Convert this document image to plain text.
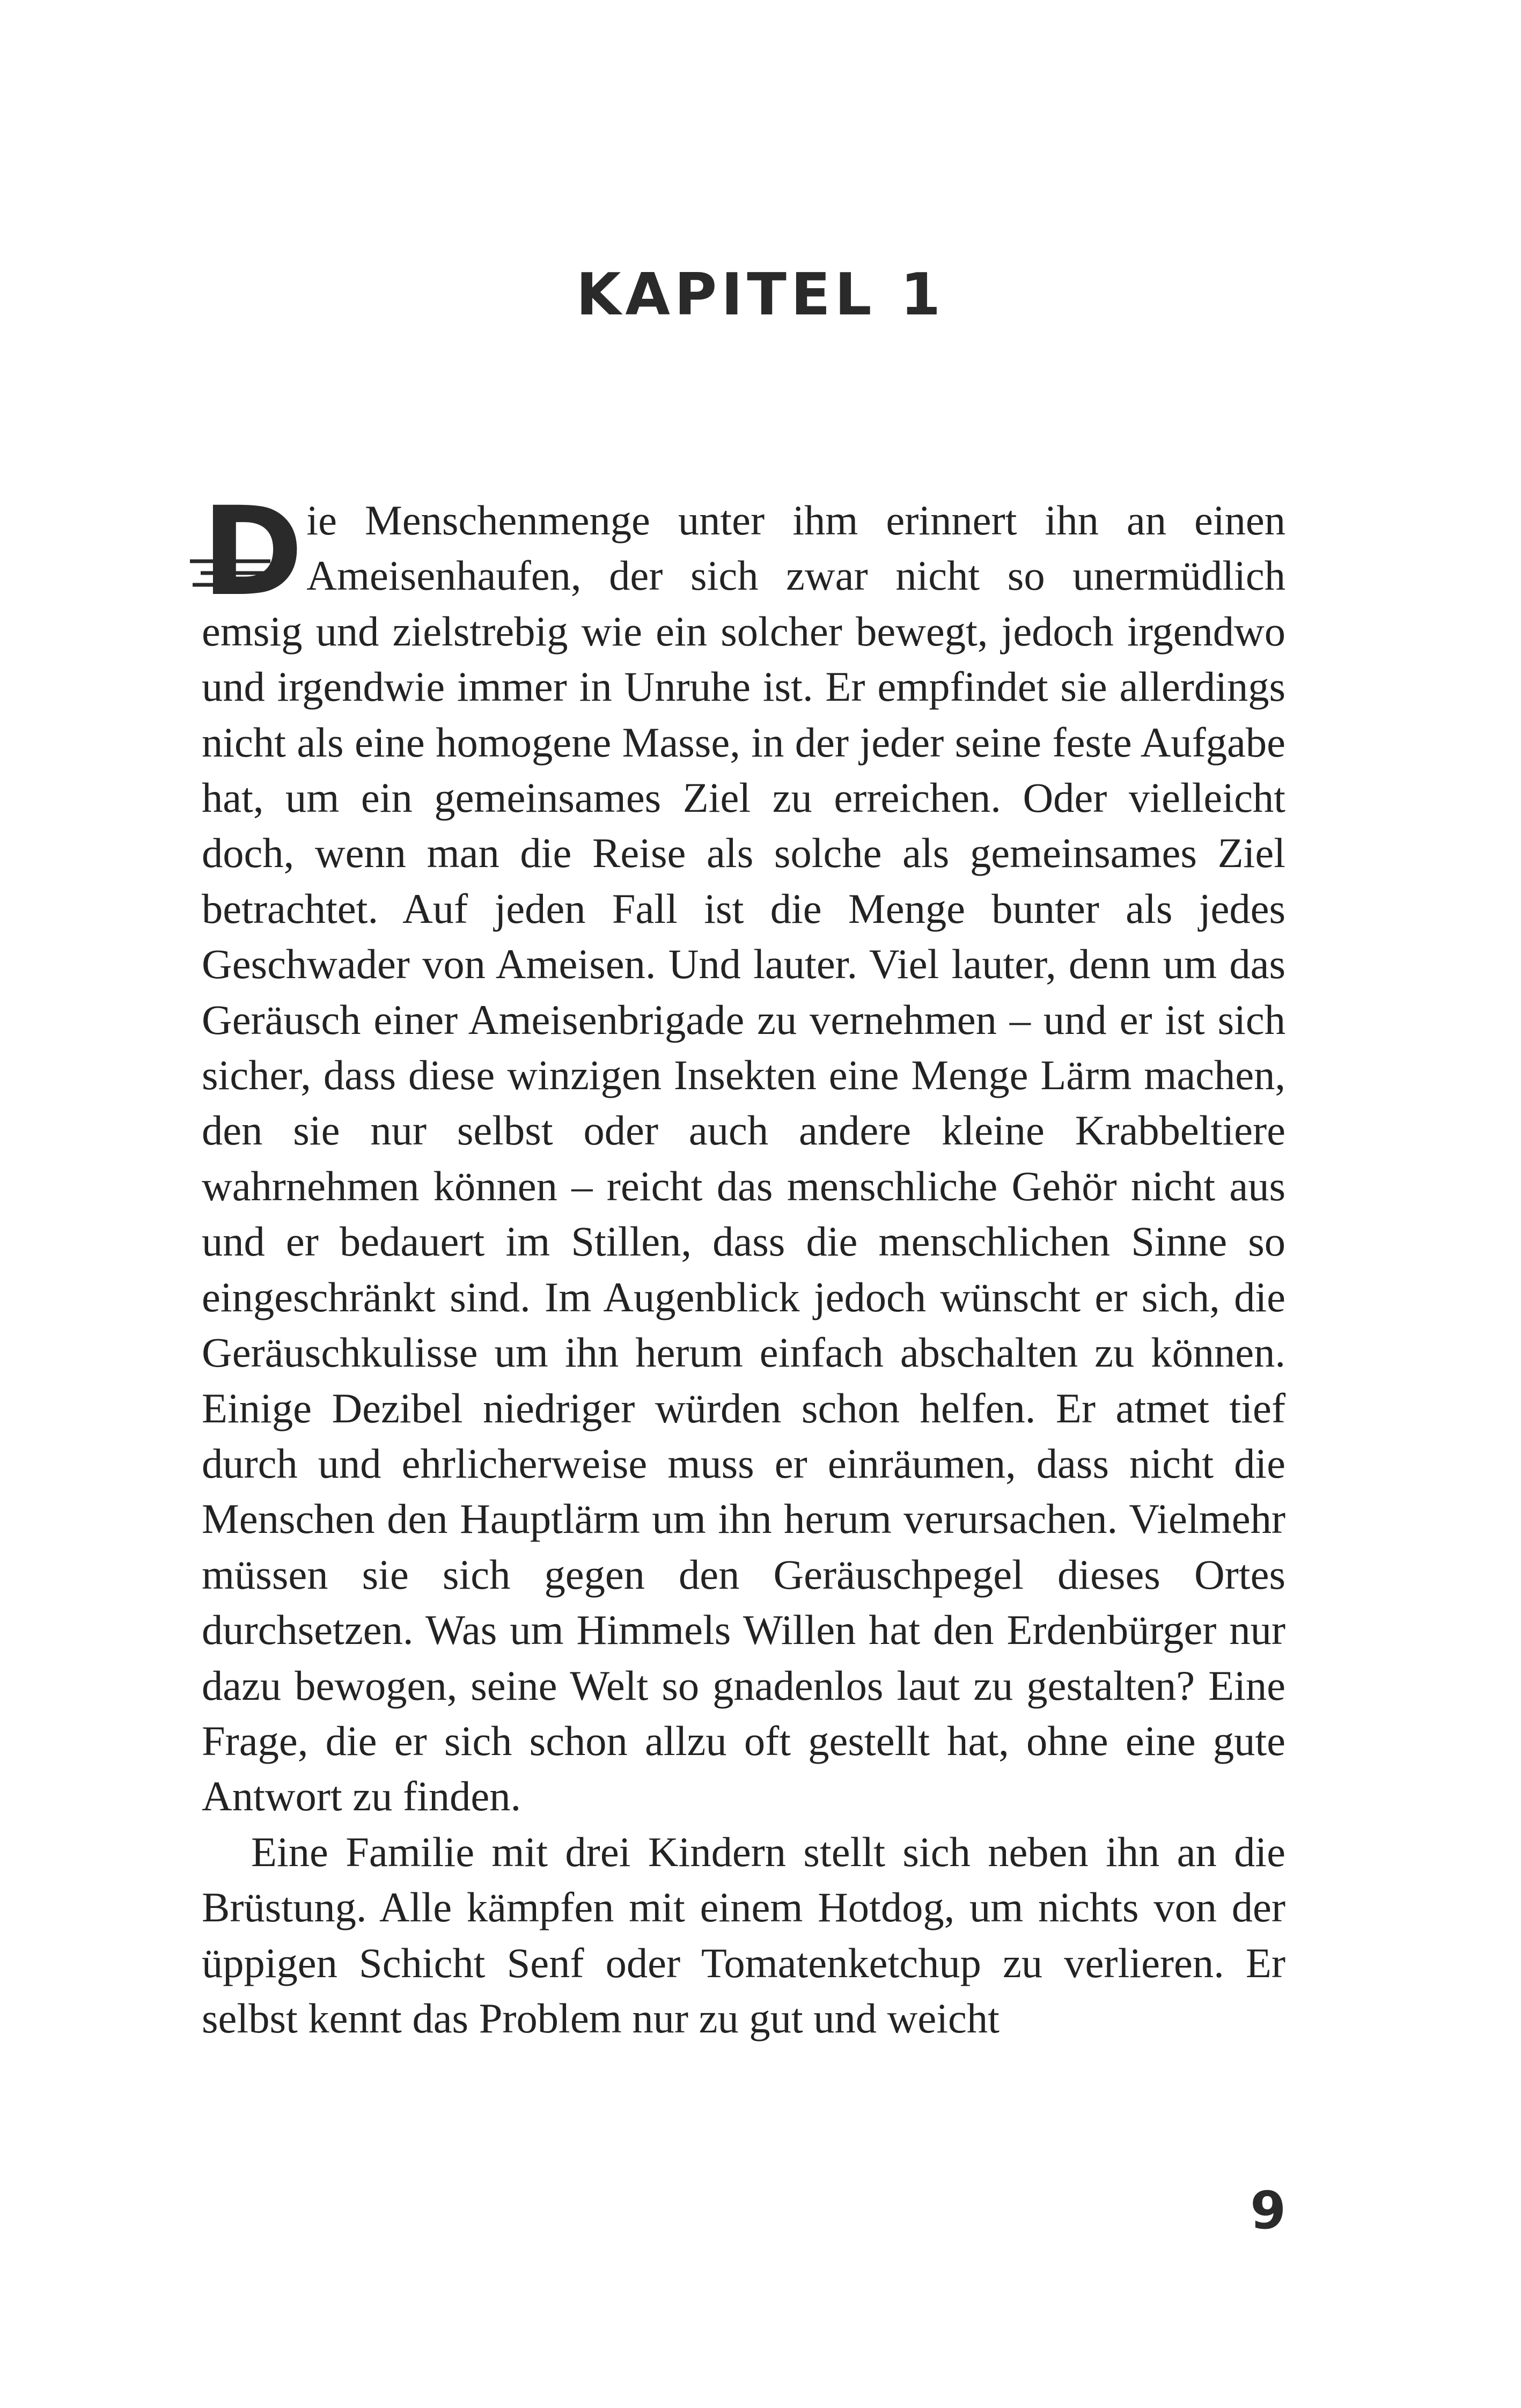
KAPITEL 1

Die Menschenmenge unter ihm erinnert ihn an einen Ameisenhaufen, der sich zwar nicht so unermüdlich emsig und zielstrebig wie ein solcher bewegt, jedoch irgendwo und irgendwie immer in Unruhe ist. Er empfindet sie allerdings nicht als eine homogene Masse, in der jeder seine feste Aufgabe hat, um ein gemeinsames Ziel zu erreichen. Oder vielleicht doch, wenn man die Reise als solche als gemeinsames Ziel betrachtet. Auf jeden Fall ist die Menge bunter als jedes Geschwader von Ameisen. Und lauter. Viel lauter, denn um das Geräusch einer Ameisenbrigade zu vernehmen – und er ist sich sicher, dass diese winzigen Insekten eine Menge Lärm machen, den sie nur selbst oder auch andere kleine Krabbeltiere wahrnehmen können – reicht das menschliche Gehör nicht aus und er bedauert im Stillen, dass die menschlichen Sinne so eingeschränkt sind. Im Augenblick jedoch wünscht er sich, die Geräuschkulisse um ihn herum einfach abschalten zu können. Einige Dezibel niedriger würden schon helfen. Er atmet tief durch und ehrlicherweise muss er einräumen, dass nicht die Menschen den Hauptlärm um ihn herum verursachen. Vielmehr müssen sie sich gegen den Geräuschpegel dieses Ortes durchsetzen. Was um Himmels Willen hat den Erdenbürger nur dazu bewogen, seine Welt so gnadenlos laut zu gestalten? Eine Frage, die er sich schon allzu oft gestellt hat, ohne eine gute Antwort zu finden.

Eine Familie mit drei Kindern stellt sich neben ihn an die Brüstung. Alle kämpfen mit einem Hotdog, um nichts von der üppigen Schicht Senf oder Tomatenketchup zu verlieren. Er selbst kennt das Problem nur zu gut und weicht

9
